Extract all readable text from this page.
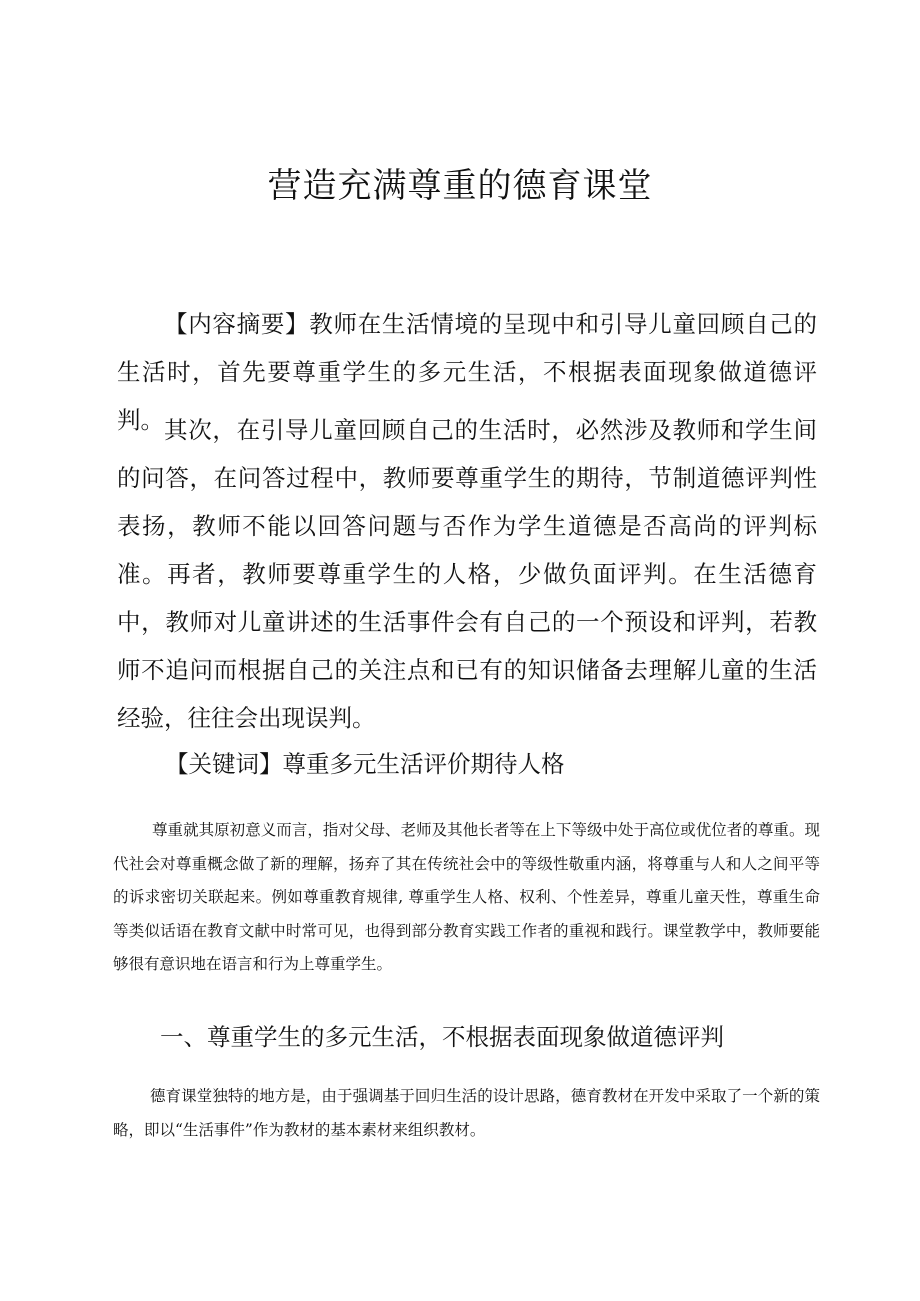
营造充满尊重的德育课堂

【内容摘要】教师在生活情境的呈现中和引导儿童回顾自己的生活时，首先要尊重学生的多元生活，不根据表面现象做道德评判。 其次，在引导儿童回顾自己的生活时，必然涉及教师和学生间的问答，在问答过程中，教师要尊重学生的期待，节制道德评判性表扬，教师不能以回答问题与否作为学生道德是否高尚的评判标准。再者，教师要尊重学生的人格，少做负面评判。在生活德育中，教师对儿童讲述的生活事件会有自己的一个预设和评判，若教师不追问而根据自己的关注点和已有的知识储备去理解儿童的生活经验，往往会出现误判。

【关键词】尊重多元生活评价期待人格

尊重就其原初意义而言，指对父母、老师及其他长者等在上下等级中处于高位或优位者的尊重。现代社会对尊重概念做了新的理解，扬弃了其在传统社会中的等级性敬重内涵，将尊重与人和人之间平等的诉求密切关联起来。例如尊重教育规律, 尊重学生人格、权利、个性差异，尊重儿童天性，尊重生命等类似话语在教育文献中时常可见，也得到部分教育实践工作者的重视和践行。课堂教学中，教师要能够很有意识地在语言和行为上尊重学生。

一、尊重学生的多元生活，不根据表面现象做道德评判

德育课堂独特的地方是，由于强调基于回归生活的设计思路，德育教材在开发中采取了一个新的策略，即以“生活事件”作为教材的基本素材来组织教材。
